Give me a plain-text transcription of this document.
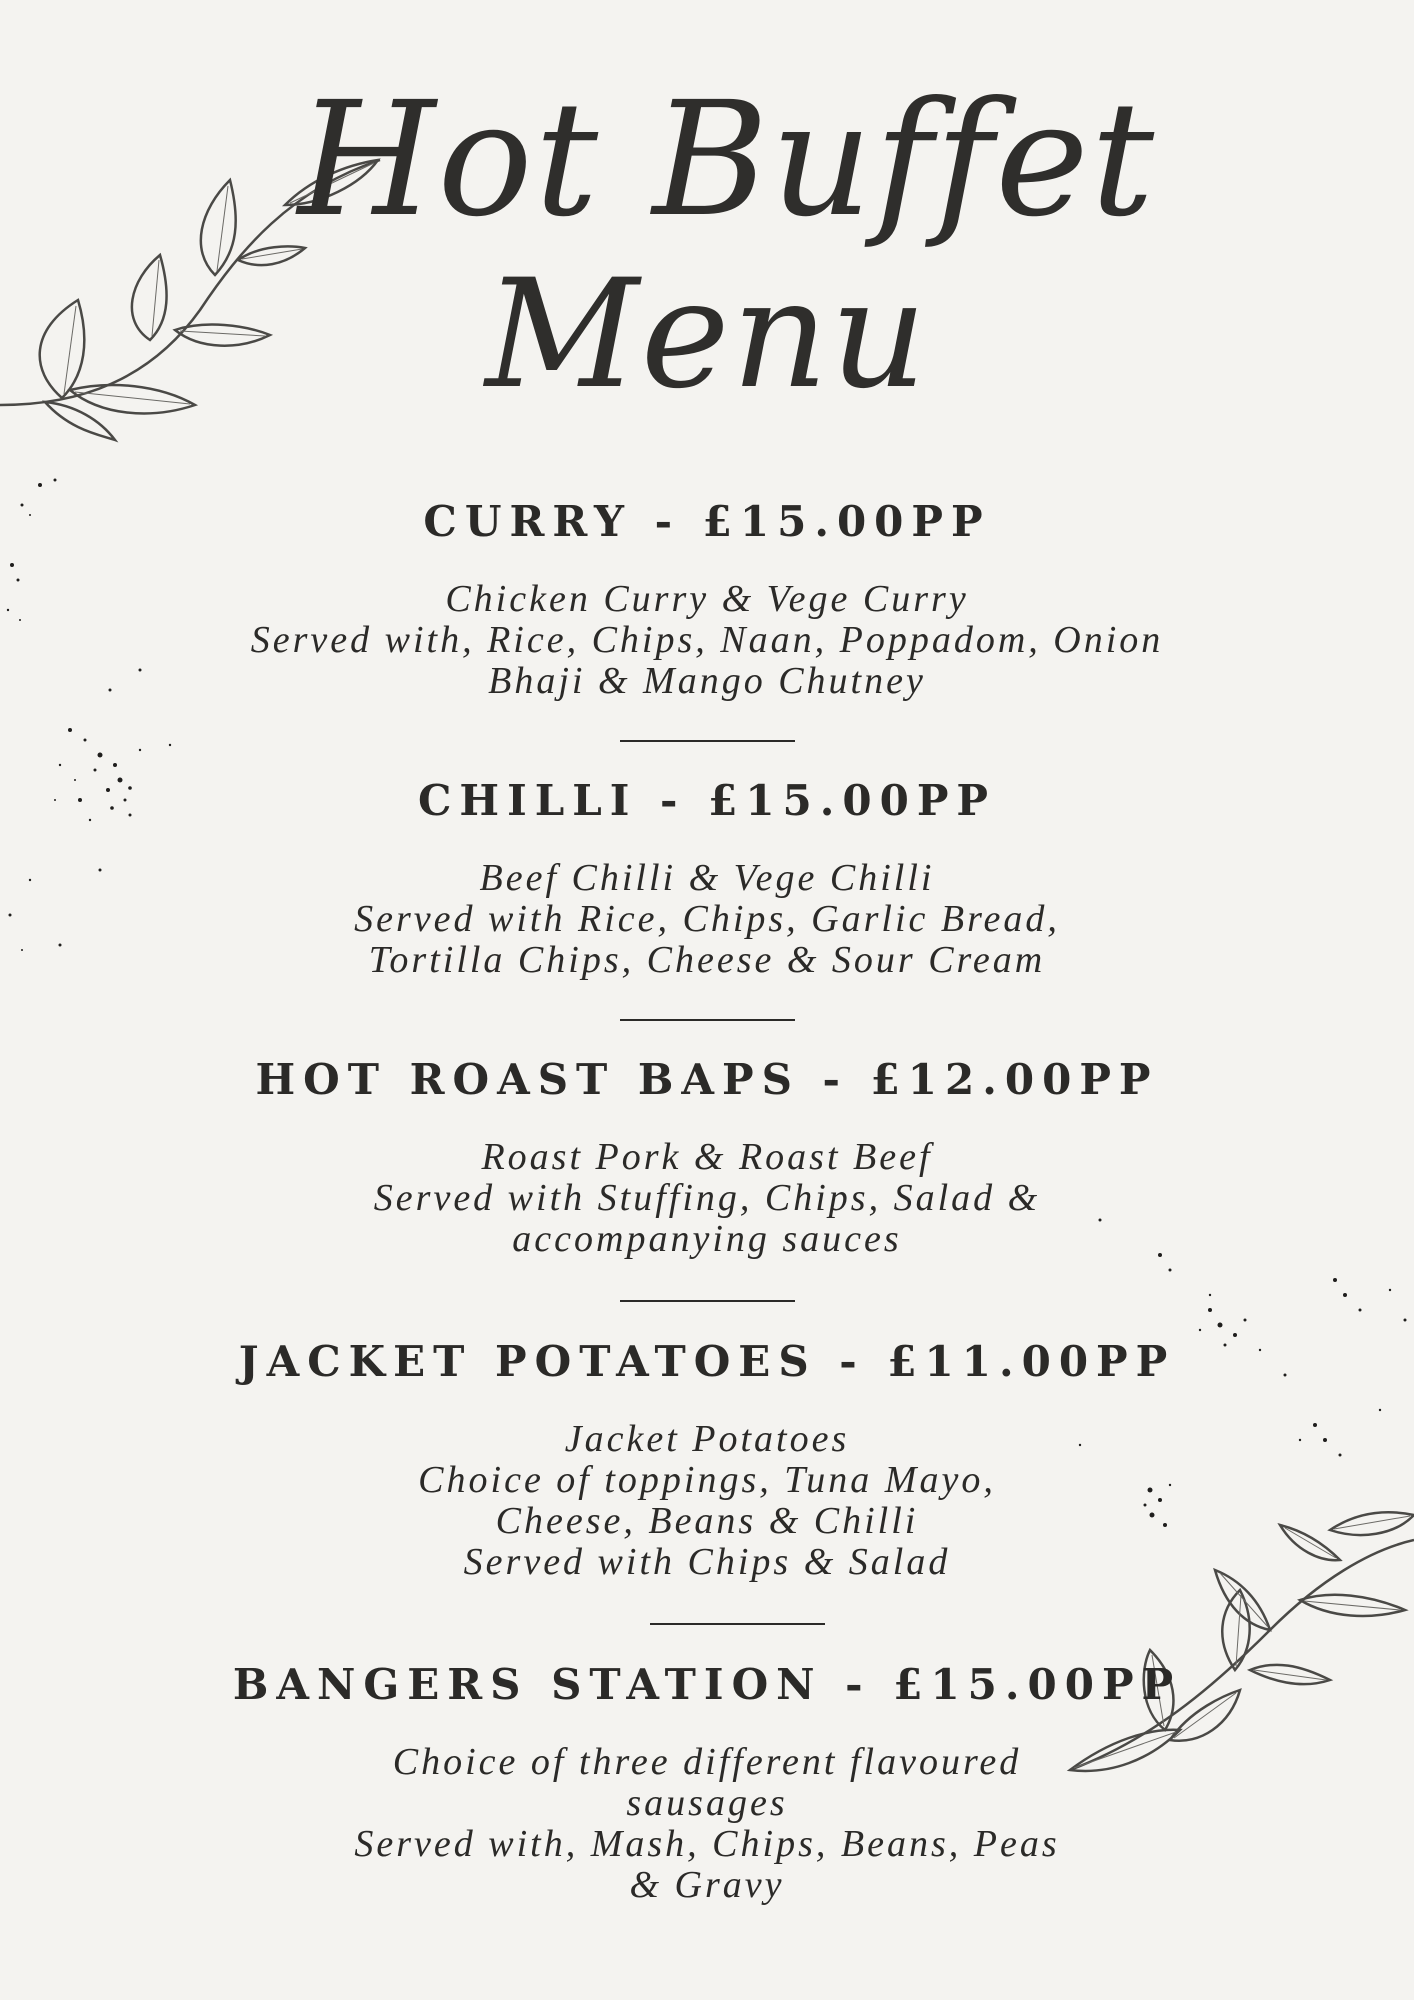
Hot Buffet
Menu
CURRY - £15.00PP
Chicken Curry & Vege Curry
Served with, Rice, Chips, Naan, Poppadom, Onion
Bhaji & Mango Chutney
CHILLI - £15.00PP
Beef Chilli & Vege Chilli
Served with Rice, Chips, Garlic Bread,
Tortilla Chips, Cheese & Sour Cream
HOT ROAST BAPS - £12.00PP
Roast Pork & Roast Beef
Served with Stuffing, Chips, Salad &
accompanying sauces
JACKET POTATOES - £11.00PP
Jacket Potatoes
Choice of toppings, Tuna Mayo,
Cheese, Beans & Chilli
Served with Chips & Salad
BANGERS STATION - £15.00PP
Choice of three different flavoured
sausages
Served with, Mash, Chips, Beans, Peas
& Gravy
